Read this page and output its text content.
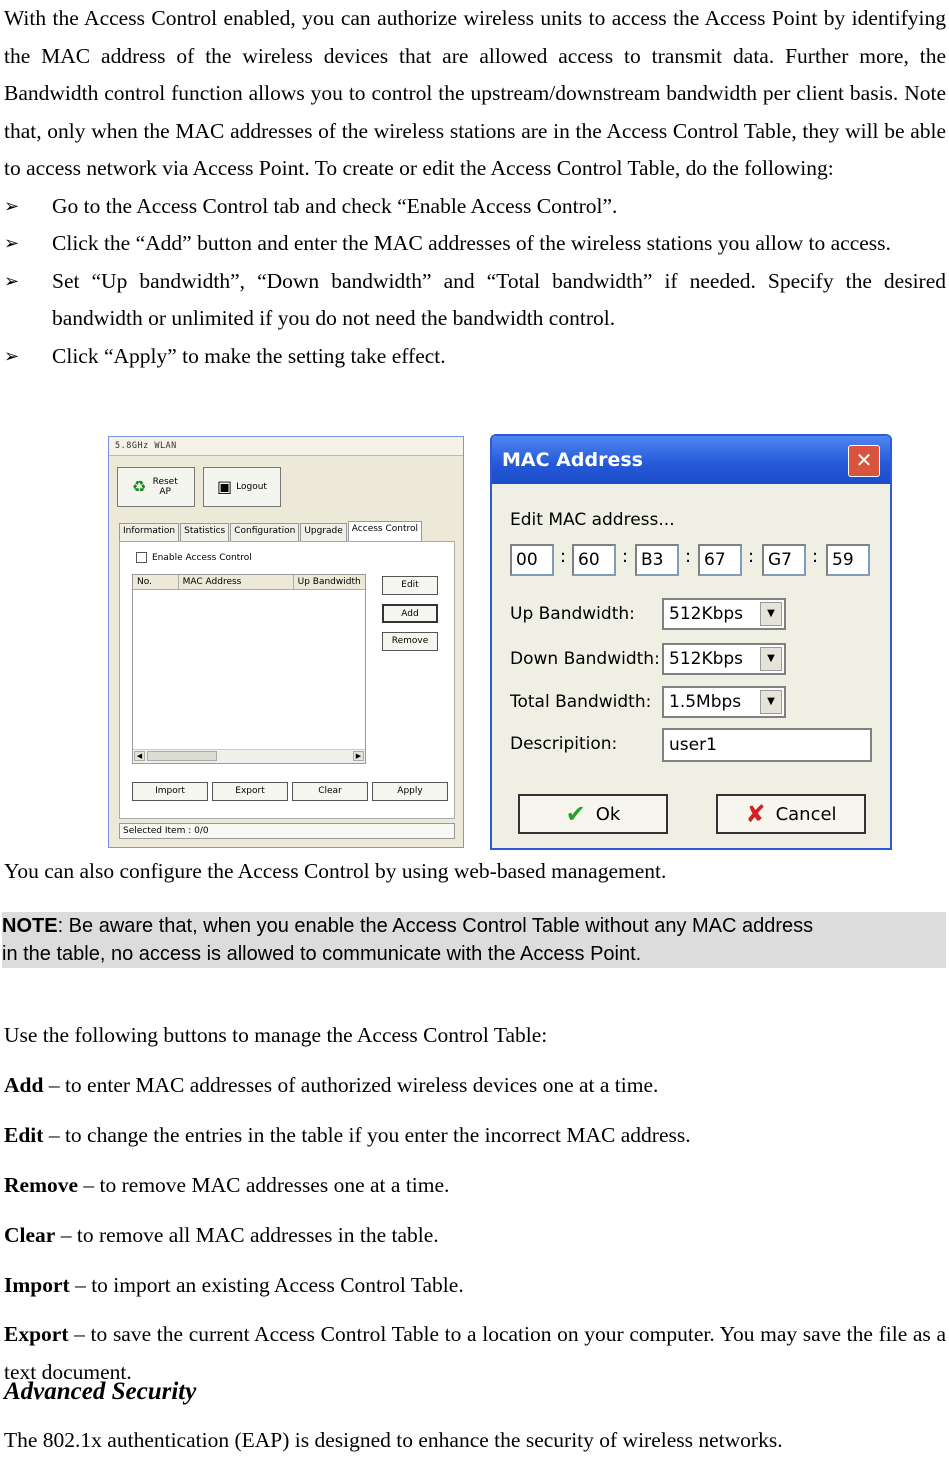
With the Access Control enabled, you can authorize wireless units to access the Access Point by identifying the MAC address of the wireless devices that are allowed access to transmit data. Further more, the Bandwidth control function allows you to control the upstream/downstream bandwidth per client basis. Note that, only when the MAC addresses of the wireless stations are in the Access Control Table, they will be able to access network via Access Point. To create or edit the Access Control Table, do the following:

➢ Go to the Access Control tab and check “Enable Access Control”.
➢ Click the “Add” button and enter the MAC addresses of the wireless stations you allow to access.
➢ Set “Up bandwidth”, “Down bandwidth” and “Total bandwidth” if needed. Specify the desired bandwidth or unlimited if you do not need the bandwidth control.
➢ Click “Apply” to make the setting take effect.
5.8GHz WLAN
♻ Reset AP	▣ Logout
Information	Statistics	Configuration	Upgrade	Access Control
Enable Access Control
No.	MAC Address	Up Bandwidth
◀	▶
Edit
Add
Remove
Import	Export	Clear	Apply
Selected Item : 0/0
MAC Address	✕
Edit MAC address...
00	: 60	: B3	: 67	: G7	: 59
Up Bandwidth:	512Kbps	▼
Down Bandwidth: 512Kbps	▼
Total Bandwidth:	1.5Mbps	▼
Descripition:	user1
✔ Ok	✘ Cancel

You can also configure the Access Control by using web-based management.

NOTE: Be aware that, when you enable the Access Control Table without any MAC address
in the table, no access is allowed to communicate with the Access Point.

Use the following buttons to manage the Access Control Table:

Add – to enter MAC addresses of authorized wireless devices one at a time.

Edit – to change the entries in the table if you enter the incorrect MAC address.

Remove – to remove MAC addresses one at a time.

Clear – to remove all MAC addresses in the table.

Import – to import an existing Access Control Table.

Export – to save the current Access Control Table to a location on your computer. You may save the file as a text document.

Advanced Security

The 802.1x authentication (EAP) is designed to enhance the security of wireless networks.
